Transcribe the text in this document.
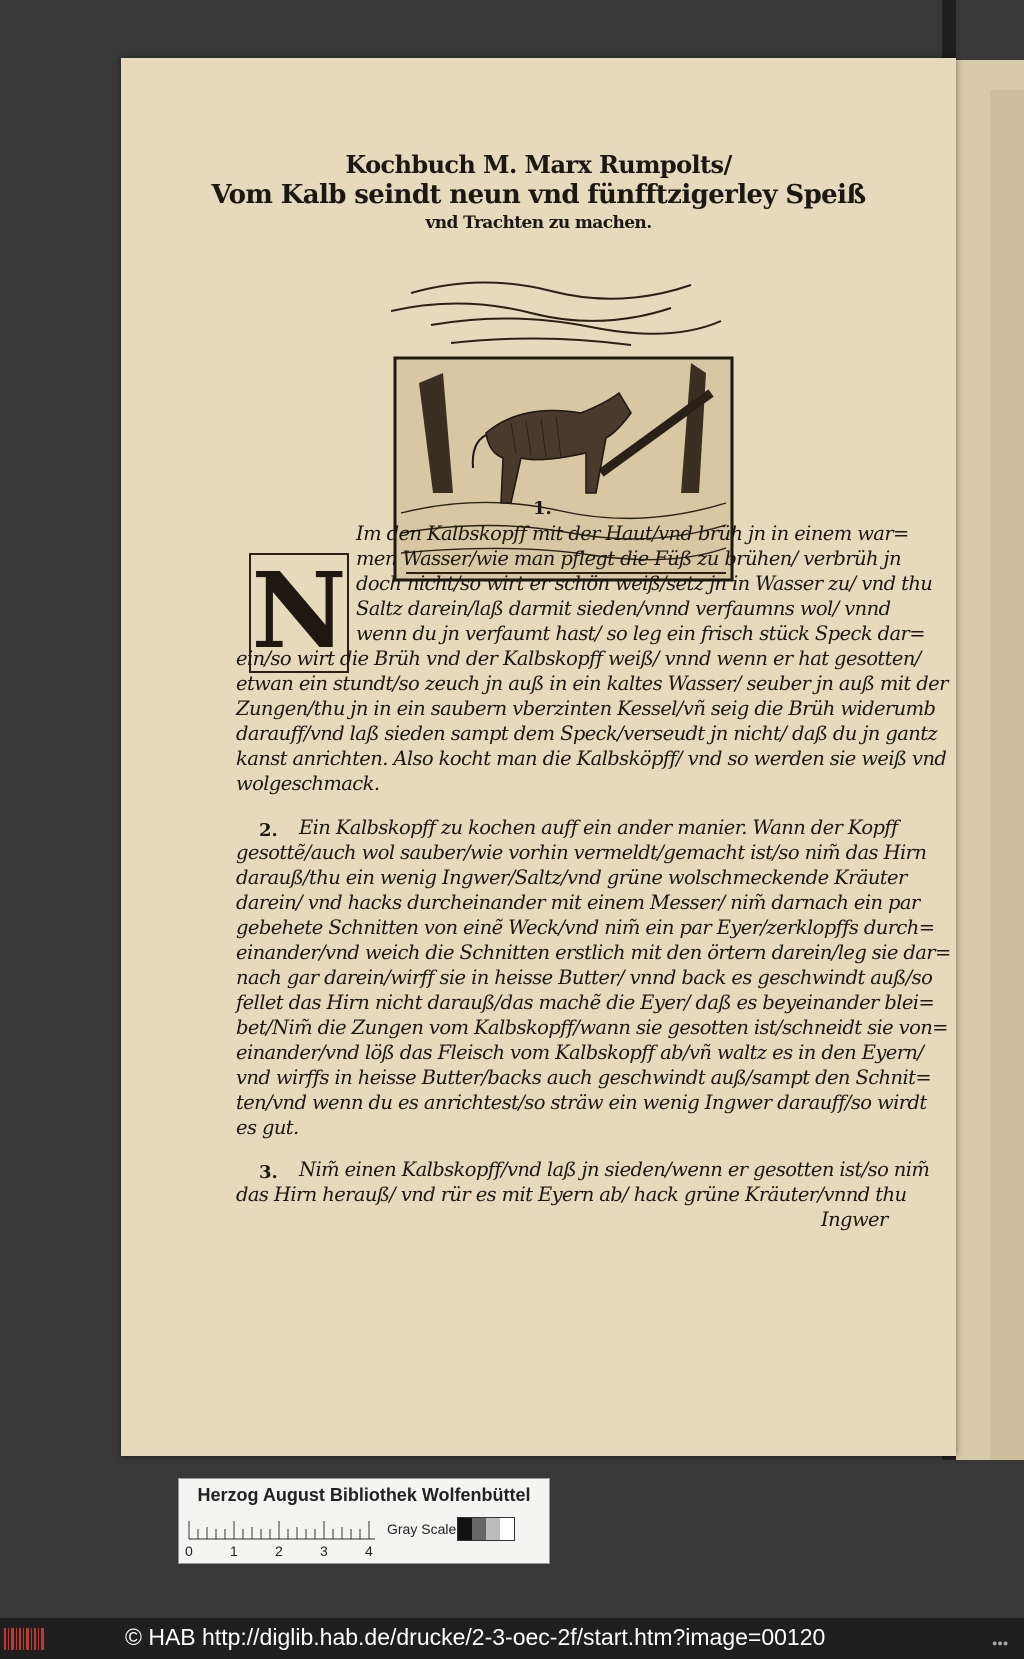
Kochbuch M. Marx Rumpolts/
Vom Kalb seindt neun vnd fünfftzigerley Speiß
vnd Trachten zu machen.
N
1.
Im den Kalbskopff mit der Haut/vnd brüh jn in einem war=
men Wasser/wie man pflegt die Füß zu brühen/ verbrüh jn
doch nicht/so wirt er schön weiß/setz jn in Wasser zu/ vnd thu
Saltz darein/laß darmit sieden/vnnd verfaumns wol/ vnnd
wenn du jn verfaumt hast/ so leg ein frisch stück Speck dar=
ein/so wirt die Brüh vnd der Kalbskopff weiß/ vnnd wenn er hat gesotten/
etwan ein stundt/so zeuch jn auß in ein kaltes Wasser/ seuber jn auß mit der
Zungen/thu jn in ein saubern vberzinten Kessel/vñ seig die Brüh widerumb
darauff/vnd laß sieden sampt dem Speck/verseudt jn nicht/ daß du jn gantz
kanst anrichten. Also kocht man die Kalbsköpff/ vnd so werden sie weiß vnd
wolgeschmack.
2. Ein Kalbskopff zu kochen auff ein ander manier. Wann der Kopff
gesottẽ/auch wol sauber/wie vorhin vermeldt/gemacht ist/so nim̃ das Hirn
darauß/thu ein wenig Ingwer/Saltz/vnd grüne wolschmeckende Kräuter
darein/ vnd hacks durcheinander mit einem Messer/ nim̃ darnach ein par
gebehete Schnitten von einẽ Weck/vnd nim̃ ein par Eyer/zerklopffs durch=
einander/vnd weich die Schnitten erstlich mit den örtern darein/leg sie dar=
nach gar darein/wirff sie in heisse Butter/ vnnd back es geschwindt auß/so
fellet das Hirn nicht darauß/das machẽ die Eyer/ daß es beyeinander blei=
bet/Nim̃ die Zungen vom Kalbskopff/wann sie gesotten ist/schneidt sie von=
einander/vnd löß das Fleisch vom Kalbskopff ab/vñ waltz es in den Eyern/
vnd wirffs in heisse Butter/backs auch geschwindt auß/sampt den Schnit=
ten/vnd wenn du es anrichtest/so sträw ein wenig Ingwer darauff/so wirdt
es gut.
3. Nim̃ einen Kalbskopff/vnd laß jn sieden/wenn er gesotten ist/so nim̃
das Hirn herauß/ vnd rür es mit Eyern ab/ hack grüne Kräuter/vnnd thu
Ingwer
Herzog August Bibliothek Wolfenbüttel
0	1	2	3	4
Gray Scale
© HAB http://diglib.hab.de/drucke/2-3-oec-2f/start.htm?image=00120	●●●
